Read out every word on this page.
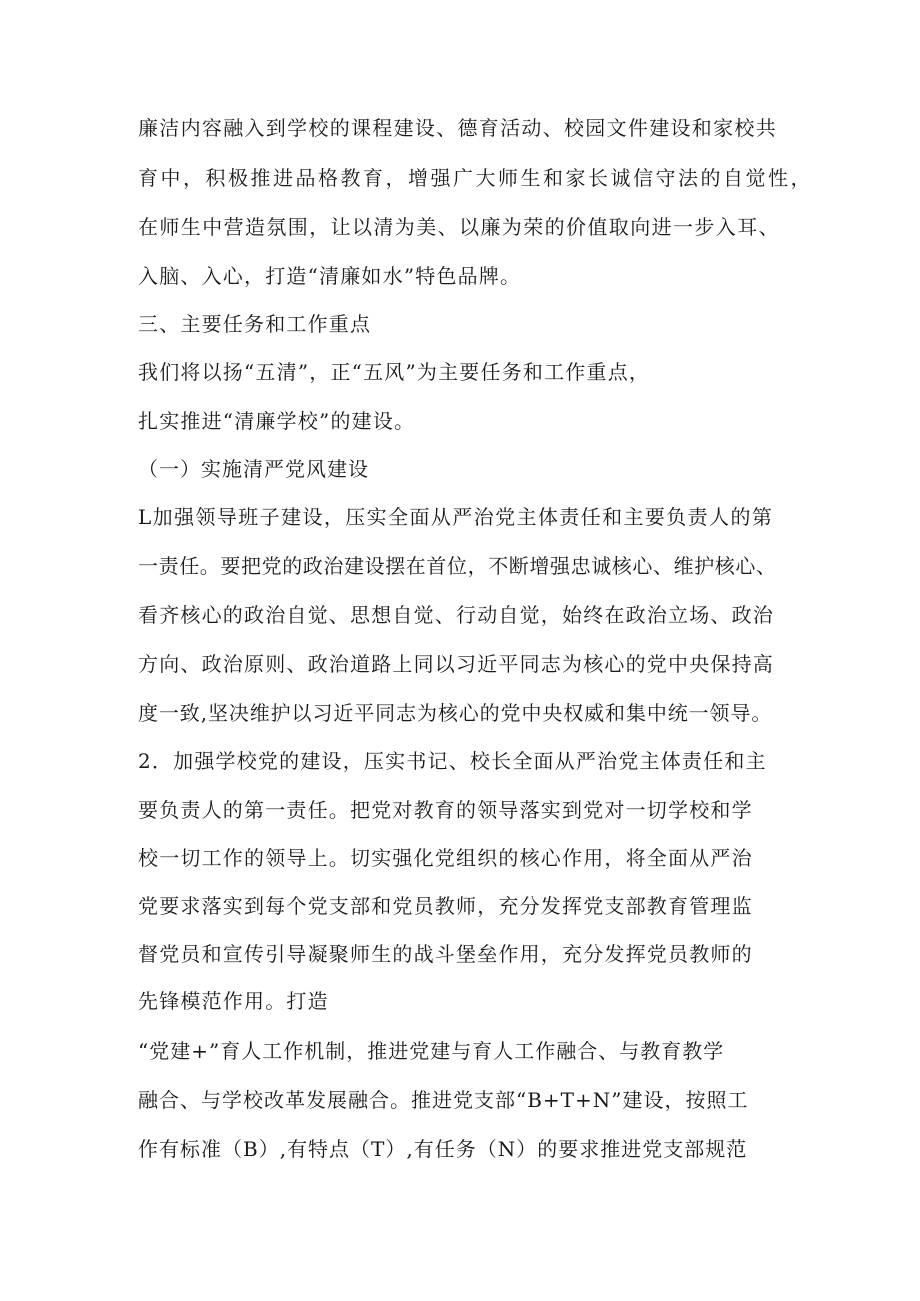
廉洁内容融入到学校的课程建设、德育活动、校园文件建设和家校共
育中，积极推进品格教育，增强广大师生和家长诚信守法的自觉性，
在师生中营造氛围，让以清为美、以廉为荣的价值取向进一步入耳、
入脑、入心，打造“清廉如水”特色品牌。
三、主要任务和工作重点
我们将以扬“五清”，正“五风”为主要任务和工作重点，
扎实推进“清廉学校”的建设。
（一）实施清严党风建设
L加强领导班子建设，压实全面从严治党主体责任和主要负责人的第
一责任。要把党的政治建设摆在首位，不断增强忠诚核心、维护核心、
看齐核心的政治自觉、思想自觉、行动自觉，始终在政治立场、政治
方向、政治原则、政治道路上同以习近平同志为核心的党中央保持高
度一致,坚决维护以习近平同志为核心的党中央权威和集中统一领导。
2．加强学校党的建设，压实书记、校长全面从严治党主体责任和主
要负责人的第一责任。把党对教育的领导落实到党对一切学校和学
校一切工作的领导上。切实强化党组织的核心作用，将全面从严治
党要求落实到每个党支部和党员教师，充分发挥党支部教育管理监
督党员和宣传引导凝聚师生的战斗堡垒作用，充分发挥党员教师的
先锋模范作用。打造
“党建+”育人工作机制，推进党建与育人工作融合、与教育教学
融合、与学校改革发展融合。推进党支部“B+T+N”建设，按照工
作有标准（B）,有特点（T）,有任务（N）的要求推进党支部规范
